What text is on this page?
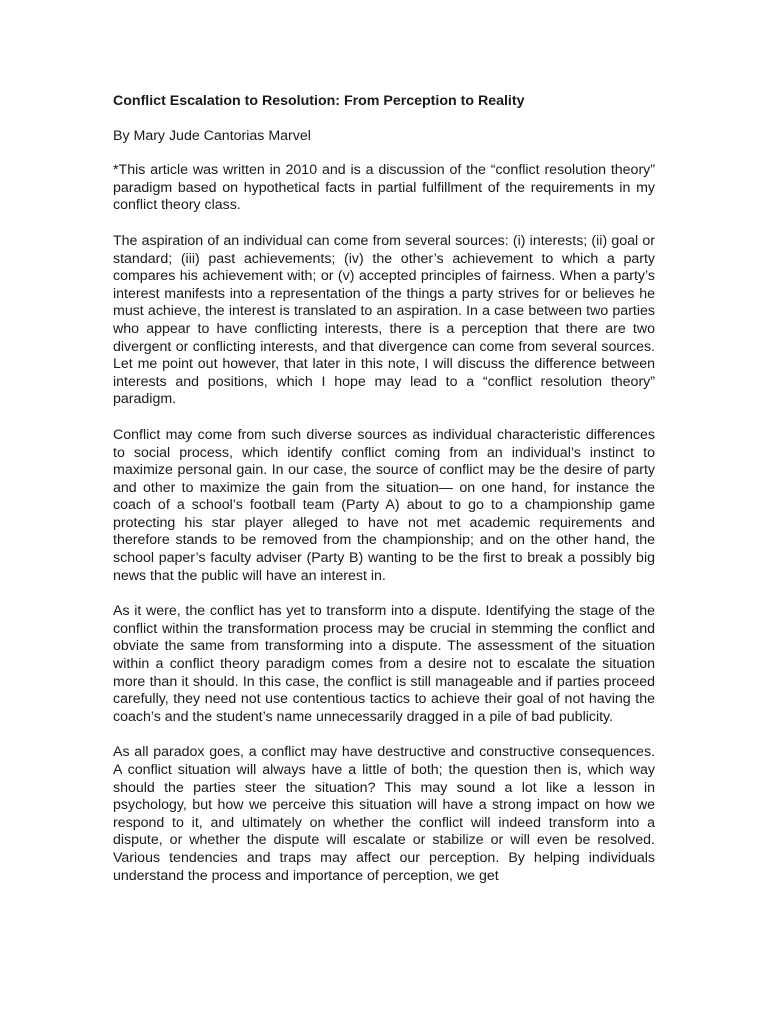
Conflict Escalation to Resolution: From Perception to Reality
By Mary Jude Cantorias Marvel

*This article was written in 2010 and is a discussion of the “conflict resolution theory” paradigm based on hypothetical facts in partial fulfillment of the requirements in my conflict theory class.

The aspiration of an individual can come from several sources: (i) interests; (ii) goal or standard; (iii) past achievements; (iv) the other’s achievement to which a party compares his achievement with; or (v) accepted principles of fairness. When a party’s interest manifests into a representation of the things a party strives for or believes he must achieve, the interest is translated to an aspiration. In a case between two parties who appear to have conflicting interests, there is a perception that there are two divergent or conflicting interests, and that divergence can come from several sources. Let me point out however, that later in this note, I will discuss the difference between interests and positions, which I hope may lead to a “conflict resolution theory” paradigm.

Conflict may come from such diverse sources as individual characteristic differences to social process, which identify conflict coming from an individual’s instinct to maximize personal gain. In our case, the source of conflict may be the desire of party and other to maximize the gain from the situation— on one hand, for instance the coach of a school’s football team (Party A) about to go to a championship game protecting his star player alleged to have not met academic requirements and therefore stands to be removed from the championship; and on the other hand, the school paper’s faculty adviser (Party B) wanting to be the first to break a possibly big news that the public will have an interest in.

As it were, the conflict has yet to transform into a dispute. Identifying the stage of the conflict within the transformation process may be crucial in stemming the conflict and obviate the same from transforming into a dispute. The assessment of the situation within a conflict theory paradigm comes from a desire not to escalate the situation more than it should. In this case, the conflict is still manageable and if parties proceed carefully, they need not use contentious tactics to achieve their goal of not having the coach’s and the student’s name unnecessarily dragged in a pile of bad publicity.

As all paradox goes, a conflict may have destructive and constructive consequences. A conflict situation will always have a little of both; the question then is, which way should the parties steer the situation? This may sound a lot like a lesson in psychology, but how we perceive this situation will have a strong impact on how we respond to it, and ultimately on whether the conflict will indeed transform into a dispute, or whether the dispute will escalate or stabilize or will even be resolved. Various tendencies and traps may affect our perception. By helping individuals understand the process and importance of perception, we get
